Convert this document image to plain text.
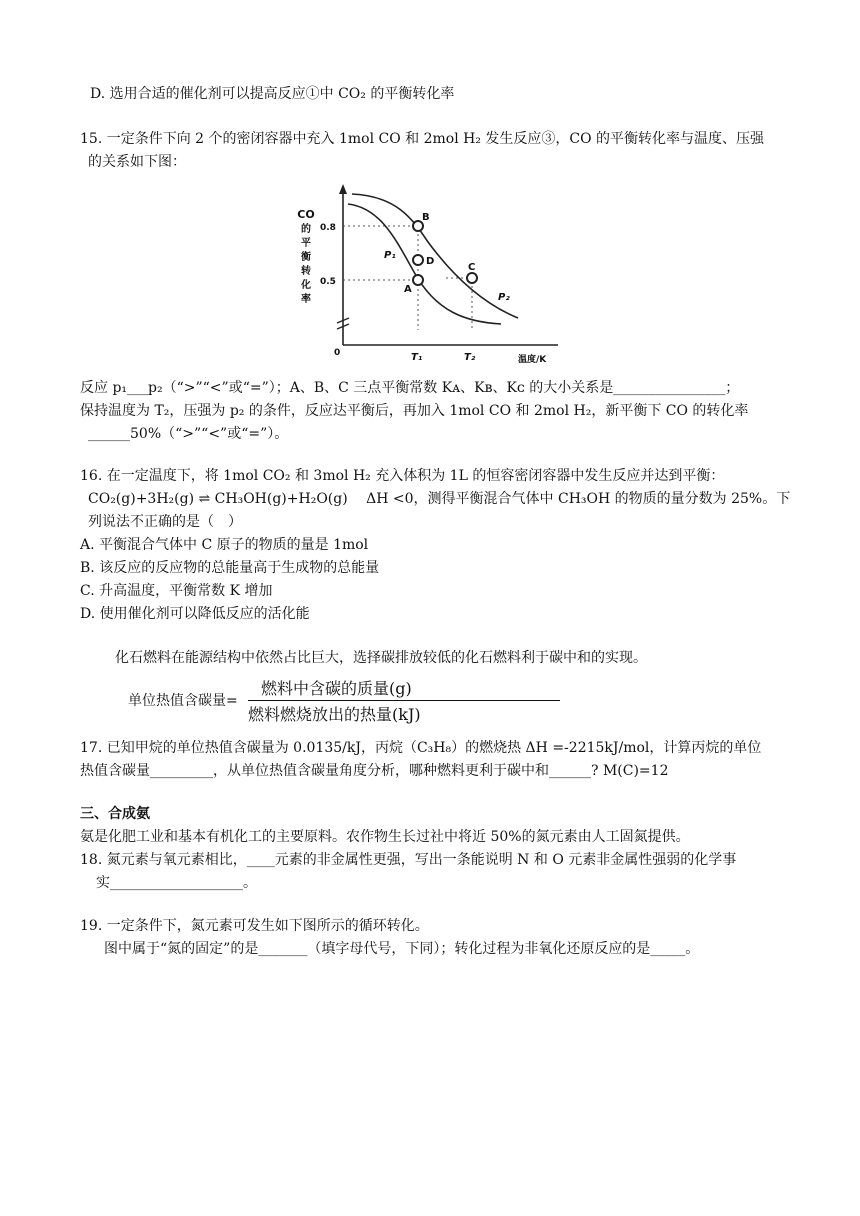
D. 选用合适的催化剂可以提高反应①中 CO₂ 的平衡转化率
15. 一定条件下向 2 个的密闭容器中充入 1mol CO 和 2mol H₂ 发生反应③，CO 的平衡转化率与温度、压强
的关系如下图：
CO
的
平
衡
转
化
率
0.8
0.5
0	T₁	T₂	温度/K
P₁
P₂
A
B
C
D
反应 p₁___p₂（“>”“<”或“=”）；A、B、C 三点平衡常数 Kᴀ、Kʙ、Kᴄ 的大小关系是________________；
保持温度为 T₂，压强为 p₂ 的条件，反应达平衡后，再加入 1mol CO 和 2mol H₂，新平衡下 CO 的转化率
______50%（“>”“<”或“=”）。
16. 在一定温度下，将 1mol CO₂ 和 3mol H₂ 充入体积为 1L 的恒容密闭容器中发生反应并达到平衡：
CO₂(g)+3H₂(g) ⇌ CH₃OH(g)+H₂O(g)　 ΔH <0，测得平衡混合气体中 CH₃OH 的物质的量分数为 25%。下
列说法不正确的是（　）
A. 平衡混合气体中 C 原子的物质的量是 1mol
B. 该反应的反应物的总能量高于生成物的总能量
C. 升高温度，平衡常数 K 增加
D. 使用催化剂可以降低反应的活化能
化石燃料在能源结构中依然占比巨大，选择碳排放较低的化石燃料利于碳中和的实现。
单位热值含碳量=
燃料中含碳的质量(g)
燃料燃烧放出的热量(kJ)
17. 已知甲烷的单位热值含碳量为 0.0135/kJ，丙烷（C₃H₈）的燃烧热 ΔH =-2215kJ/mol，计算丙烷的单位
热值含碳量_________，从单位热值含碳量角度分析，哪种燃料更利于碳中和______? M(C)=12
三、合成氨
氨是化肥工业和基本有机化工的主要原料。农作物生长过社中将近 50%的氮元素由人工固氮提供。
18. 氮元素与氧元素相比，____元素的非金属性更强，写出一条能说明 N 和 O 元素非金属性强弱的化学事
实___________________。
19. 一定条件下，氮元素可发生如下图所示的循环转化。
图中属于“氮的固定”的是_______（填字母代号，下同）；转化过程为非氧化还原反应的是_____。
